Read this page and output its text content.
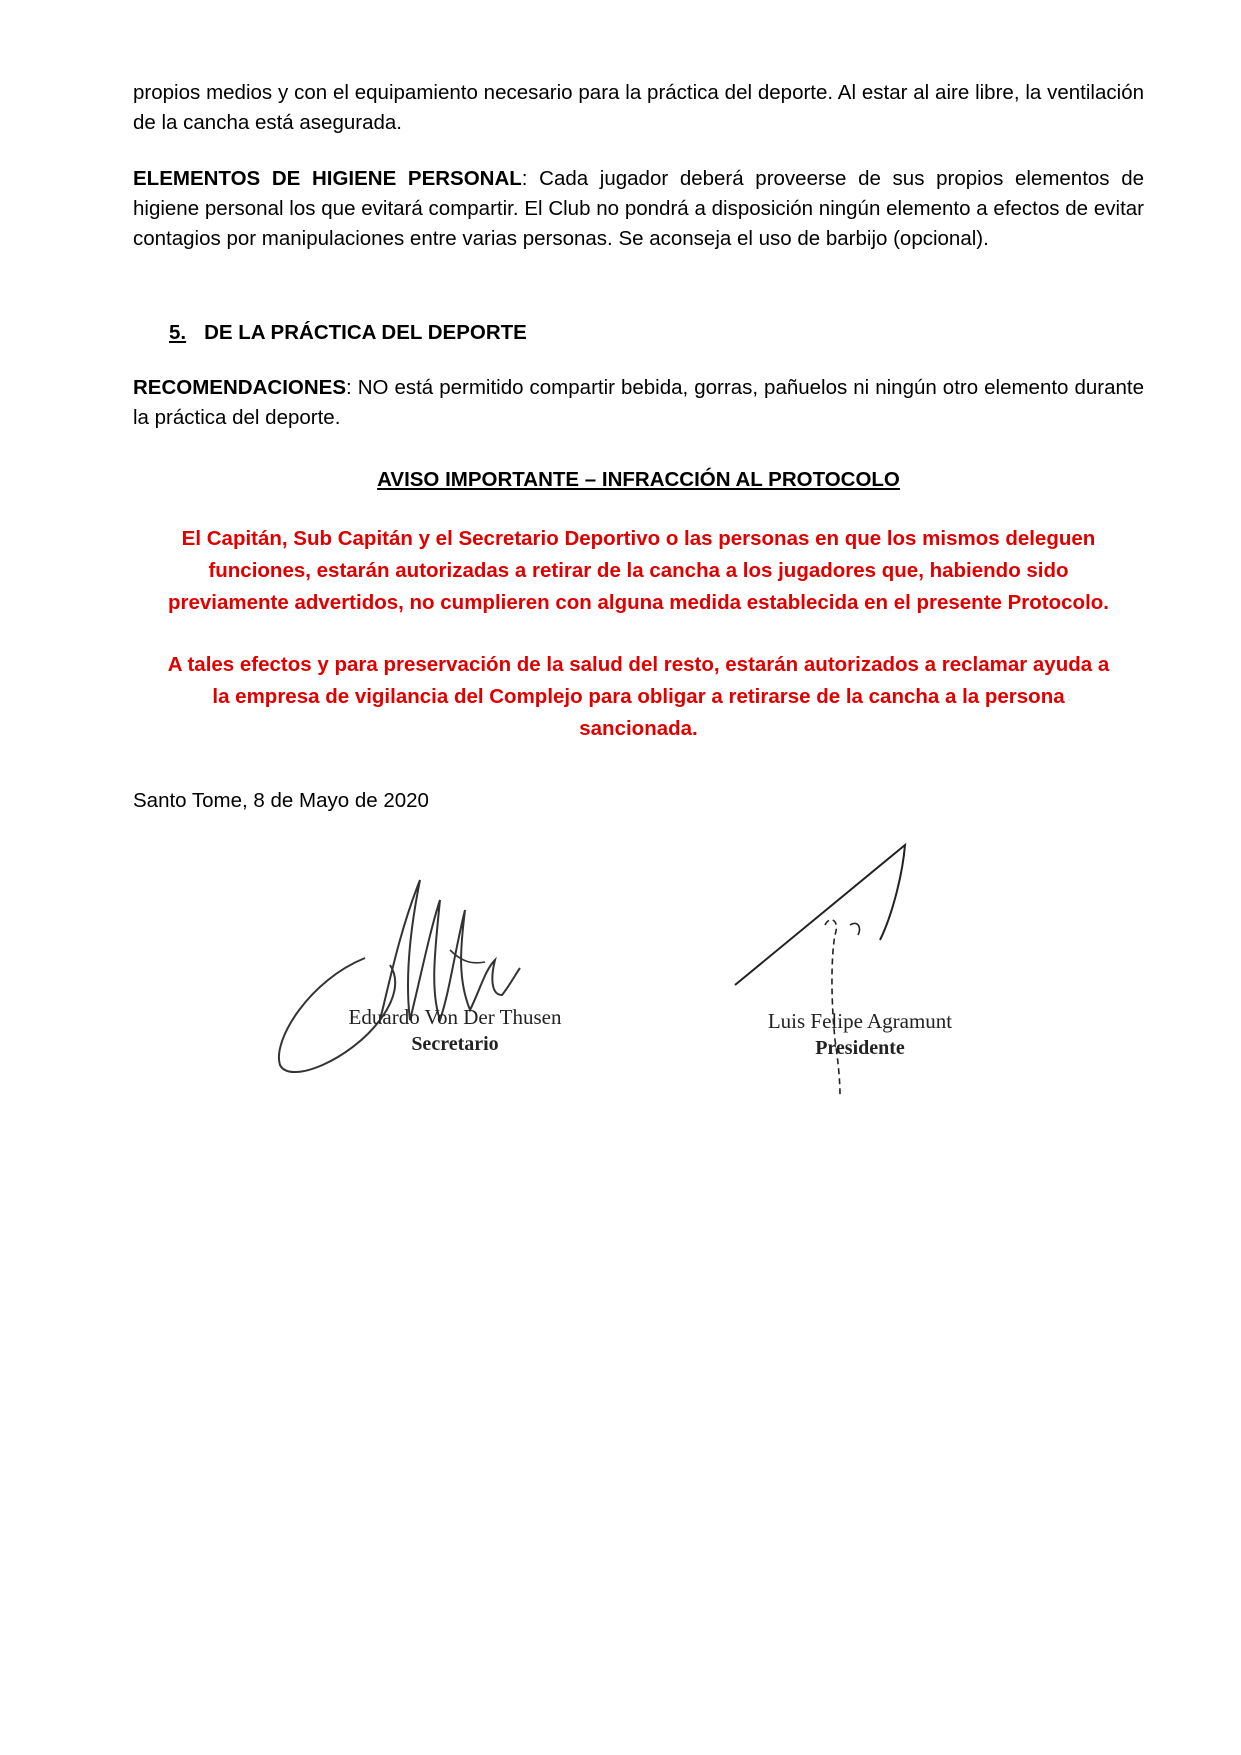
propios medios y con el equipamiento necesario para la práctica del deporte. Al estar al aire libre, la ventilación de la cancha está asegurada.

ELEMENTOS DE HIGIENE PERSONAL: Cada jugador deberá proveerse de sus propios elementos de higiene personal los que evitará compartir. El Club no pondrá a disposición ningún elemento a efectos de evitar contagios por manipulaciones entre varias personas. Se aconseja el uso de barbijo (opcional).

5. DE LA PRÁCTICA DEL DEPORTE

RECOMENDACIONES: NO está permitido compartir bebida, gorras, pañuelos ni ningún otro elemento durante la práctica del deporte.

AVISO IMPORTANTE – INFRACCIÓN AL PROTOCOLO

El Capitán, Sub Capitán y el Secretario Deportivo o las personas en que los mismos deleguen

funciones, estarán autorizadas a retirar de la cancha a los jugadores que, habiendo sido

previamente advertidos, no cumplieren con alguna medida establecida en el presente Protocolo.

A tales efectos y para preservación de la salud del resto, estarán autorizados a reclamar ayuda a

la empresa de vigilancia del Complejo para obligar a retirarse de la cancha a la persona

sancionada.

Santo Tome, 8 de Mayo de 2020
Eduardo Von Der Thusen
Secretario
Luis Felipe Agramunt
Presidente
